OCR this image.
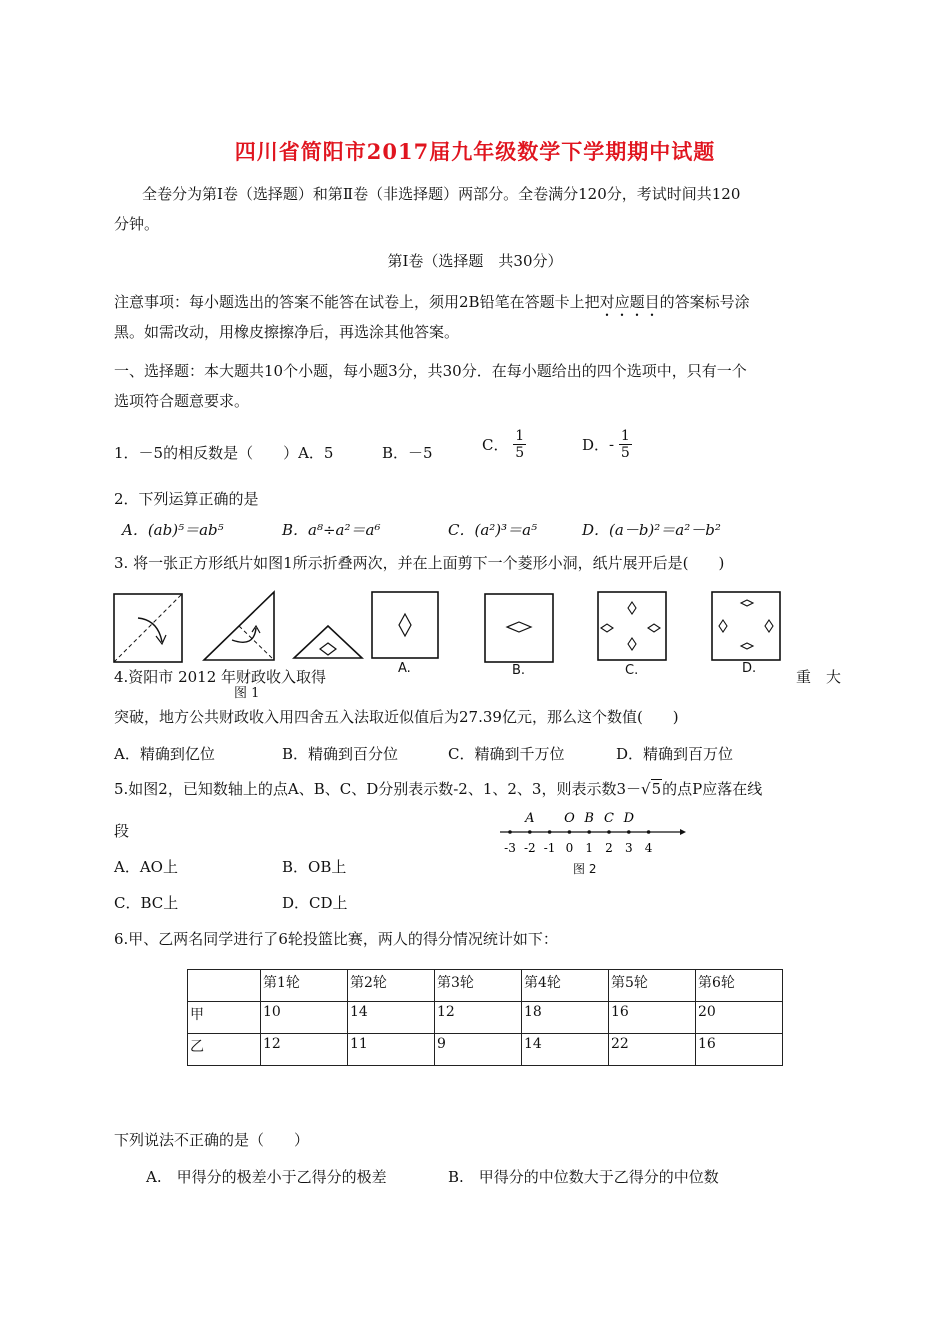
四川省简阳市2017届九年级数学下学期期中试题
全卷分为第Ⅰ卷（选择题）和第Ⅱ卷（非选择题）两部分。全卷满分120分，考试时间共120
分钟。
第Ⅰ卷（选择题　共30分）
注意事项：每小题选出的答案不能答在试卷上，须用2B铅笔在答题卡上把对应题目的答案标号涂
黑。如需改动，用橡皮擦擦净后，再选涂其他答案。
一、选择题：本大题共10个小题，每小题3分，共30分．在每小题给出的四个选项中，只有一个
选项符合题意要求。
1．－5的相反数是（　　）A．5	B．－5	C． $\frac{1}{5}$	D．- $\frac{1}{5}$
2．下列运算正确的是
A．(ab)⁵＝ab⁵	B．a⁸÷a²＝a⁶	C．(a²)³＝a⁵	D．(a－b)²＝a²－b²
3. 将一张正方形纸片如图1所示折叠两次，并在上面剪下一个菱形小洞，纸片展开后是(　　)
A.	B.	C.	D.
4.资阳市 2012 年财政收入取得
图 1
重　大
突破，地方公共财政收入用四舍五入法取近似值后为27.39亿元，那么这个数值(　　)
A．精确到亿位	B．精确到百分位	C．精确到千万位	D．精确到百万位
5.如图2，已知数轴上的点A、B、C、D分别表示数-2、1、2、3，则表示数3－√5的点P应落在线
段
A O B C D
-3 -2 -1 0 1 2 3 4
图 2
A．AO上	B．OB上
C．BC上	D．CD上
6.甲、乙两名同学进行了6轮投篮比赛，两人的得分情况统计如下：
	第1轮	第2轮	第3轮	第4轮	第5轮	第6轮
甲	10	14	12	18	16	20
乙	12	11	9	14	22	16
下列说法不正确的是（　　）
A.　甲得分的极差小于乙得分的极差	B.　甲得分的中位数大于乙得分的中位数
